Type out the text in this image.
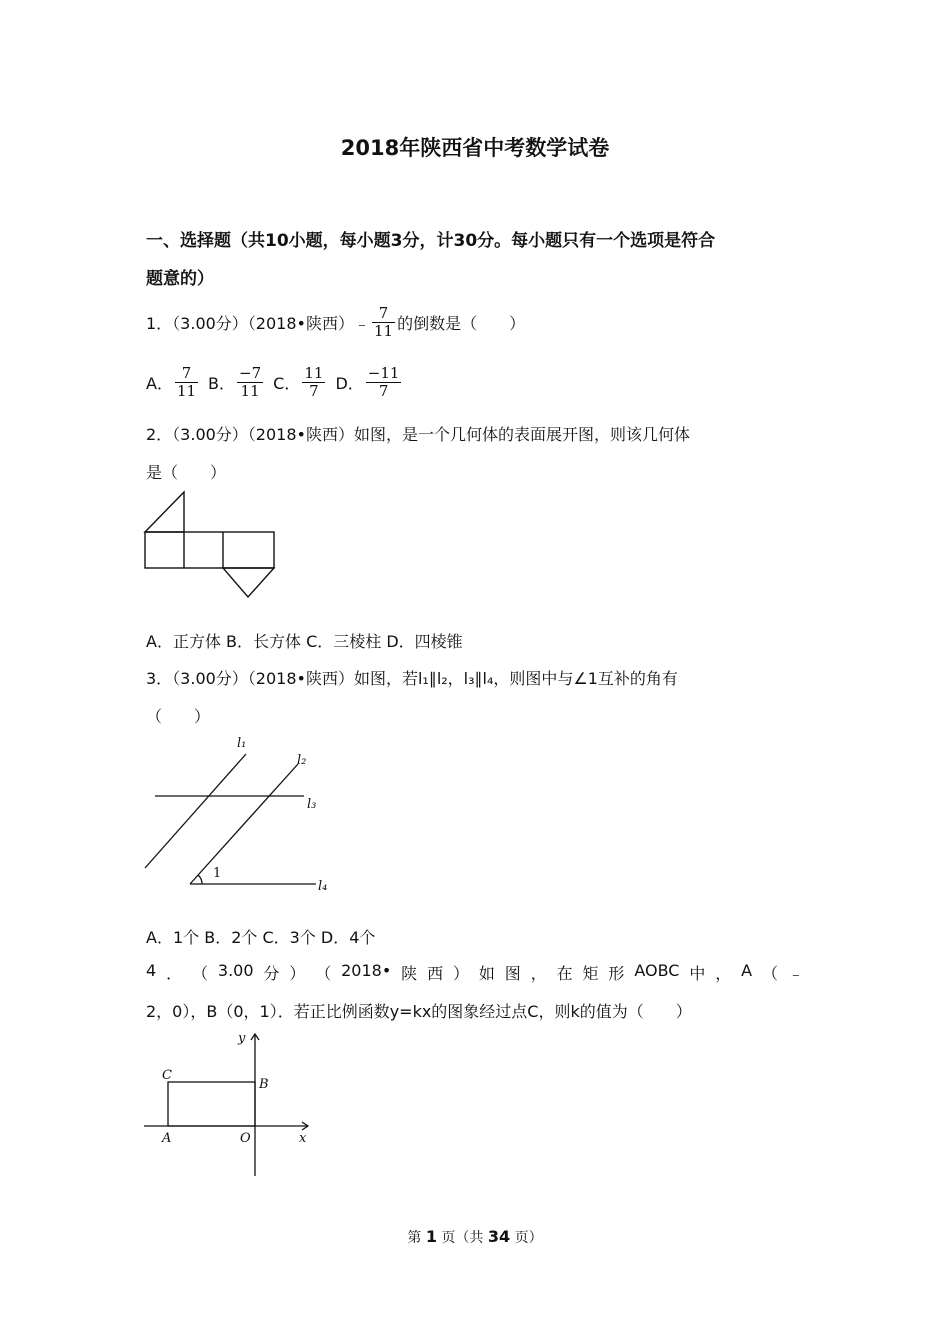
2018年陕西省中考数学试卷
一、选择题（共10小题，每小题3分，计30分。每小题只有一个选项是符合
题意的）
1．（3.00分）（2018•陕西）﹣ $\frac{7}{11}$ 的倒数是（　　）
A． $\frac{7}{11}$ B． $\frac{-7}{11}$ C． $\frac{11}{7}$ D． $\frac{-11}{7}$
2．（3.00分）（2018•陕西）如图，是一个几何体的表面展开图，则该几何体
是（　　）
A．正方体 B．长方体 C．三棱柱 D．四棱锥
3．（3.00分）（2018•陕西）如图，若l₁∥l₂，l₃∥l₄，则图中与∠1互补的角有
（　　）
l₁
l₂
l₃
l₄
1
A．1个 B．2个 C．3个 D．4个
4 ． （ 3.00 分 ） （ 2018• 陕 西 ） 如 图 ， 在 矩 形 AOBC 中 ， A （ ﹣
2，0），B（0，1）．若正比例函数y=kx的图象经过点C，则k的值为（　　）
y
x
C
B
A	O
第 1 页（共 34 页）
